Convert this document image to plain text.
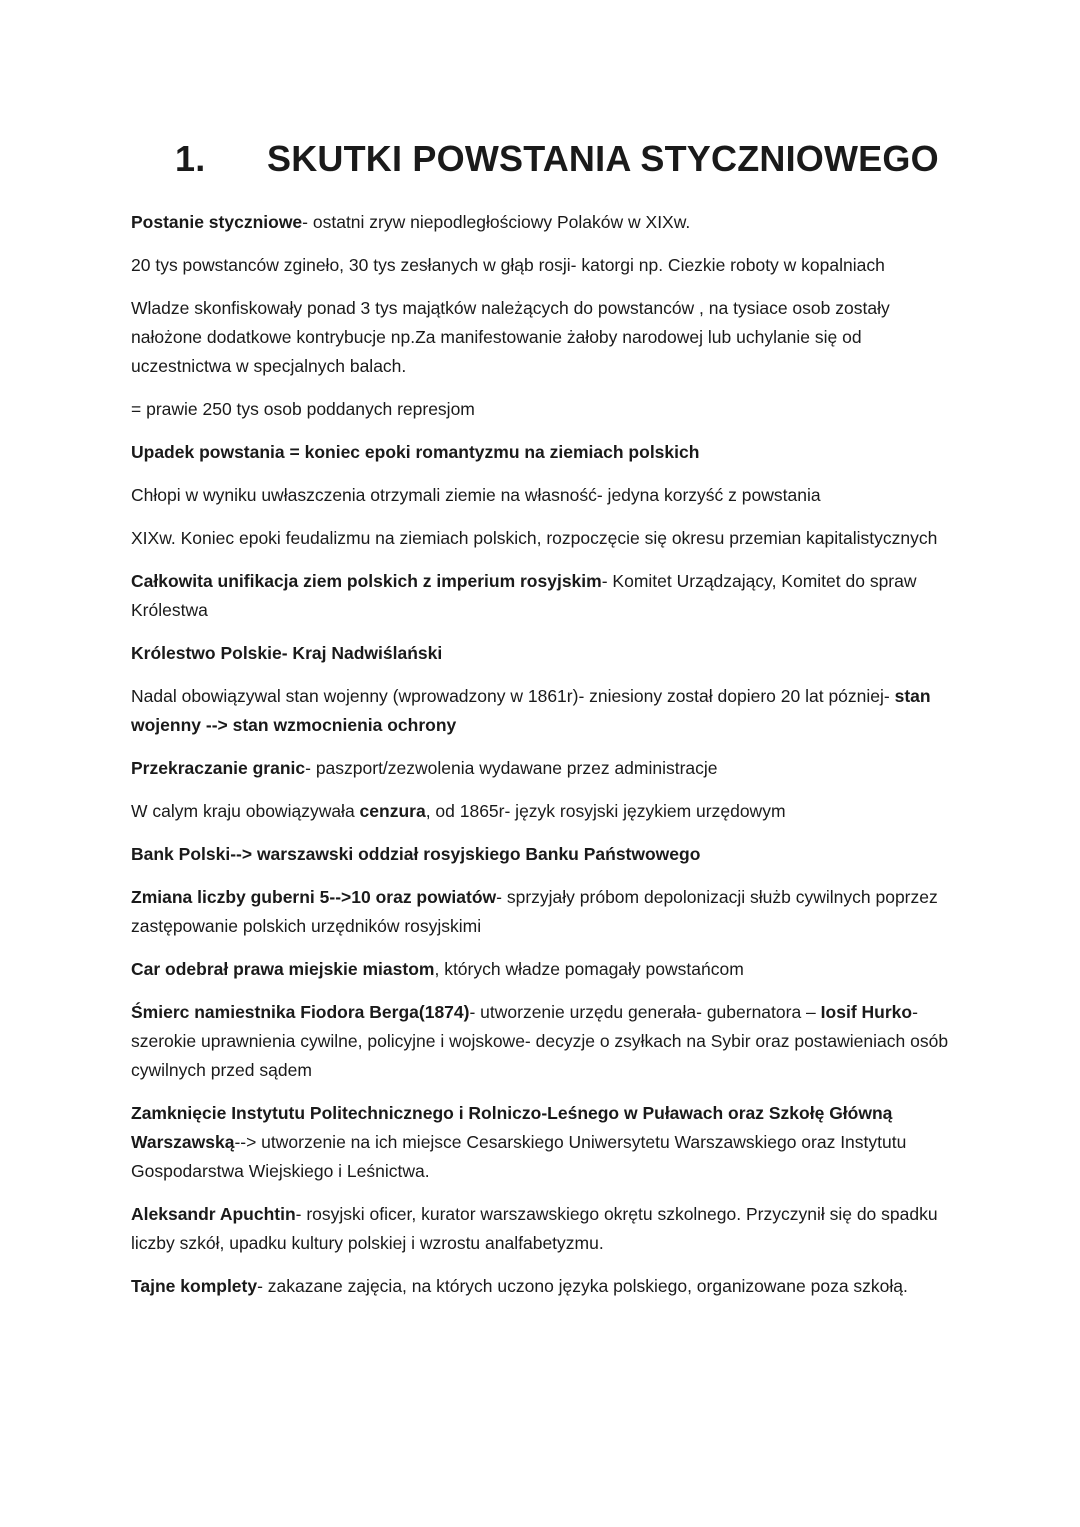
1.	SKUTKI POWSTANIA STYCZNIOWEGO

Postanie styczniowe- ostatni zryw niepodległościowy Polaków w XIXw.

20 tys powstanców zgineło, 30 tys zesłanych w głąb rosji- katorgi np. Ciezkie roboty w kopalniach

Wladze skonfiskowały ponad 3 tys majątków należących do powstanców , na tysiace osob zostały nałożone dodatkowe kontrybucje np.Za manifestowanie żałoby narodowej lub uchylanie się od uczestnictwa w specjalnych balach.

= prawie 250 tys osob poddanych represjom

Upadek powstania = koniec epoki romantyzmu na ziemiach polskich

Chłopi w wyniku uwłaszczenia otrzymali ziemie na własność- jedyna korzyść z powstania

XIXw. Koniec epoki feudalizmu na ziemiach polskich, rozpoczęcie się okresu przemian kapitalistycznych

Całkowita unifikacja ziem polskich z imperium rosyjskim- Komitet Urządzający, Komitet do spraw Królestwa

Królestwo Polskie- Kraj Nadwiślański

Nadal obowiązywal stan wojenny (wprowadzony w 1861r)- zniesiony został dopiero 20 lat pózniej- stan wojenny --> stan wzmocnienia ochrony

Przekraczanie granic- paszport/zezwolenia wydawane przez administracje

W calym kraju obowiązywała cenzura, od 1865r- język rosyjski językiem urzędowym

Bank Polski--> warszawski oddział rosyjskiego Banku Państwowego

Zmiana liczby guberni 5-->10 oraz powiatów- sprzyjały próbom depolonizacji służb cywilnych poprzez zastępowanie polskich urzędników rosyjskimi

Car odebrał prawa miejskie miastom, których władze pomagały powstańcom

Śmierc namiestnika Fiodora Berga(1874)- utworzenie urzędu generała- gubernatora – Iosif Hurko- szerokie uprawnienia cywilne, policyjne i wojskowe- decyzje o zsyłkach na Sybir oraz postawieniach osób cywilnych przed sądem

Zamknięcie Instytutu Politechnicznego i Rolniczo-Leśnego w Puławach oraz Szkołę Główną Warszawską--> utworzenie na ich miejsce Cesarskiego Uniwersytetu Warszawskiego oraz Instytutu Gospodarstwa Wiejskiego i Leśnictwa.

Aleksandr Apuchtin- rosyjski oficer, kurator warszawskiego okrętu szkolnego. Przyczynił się do spadku liczby szkół, upadku kultury polskiej i wzrostu analfabetyzmu.

Tajne komplety- zakazane zajęcia, na których uczono języka polskiego, organizowane poza szkołą.
